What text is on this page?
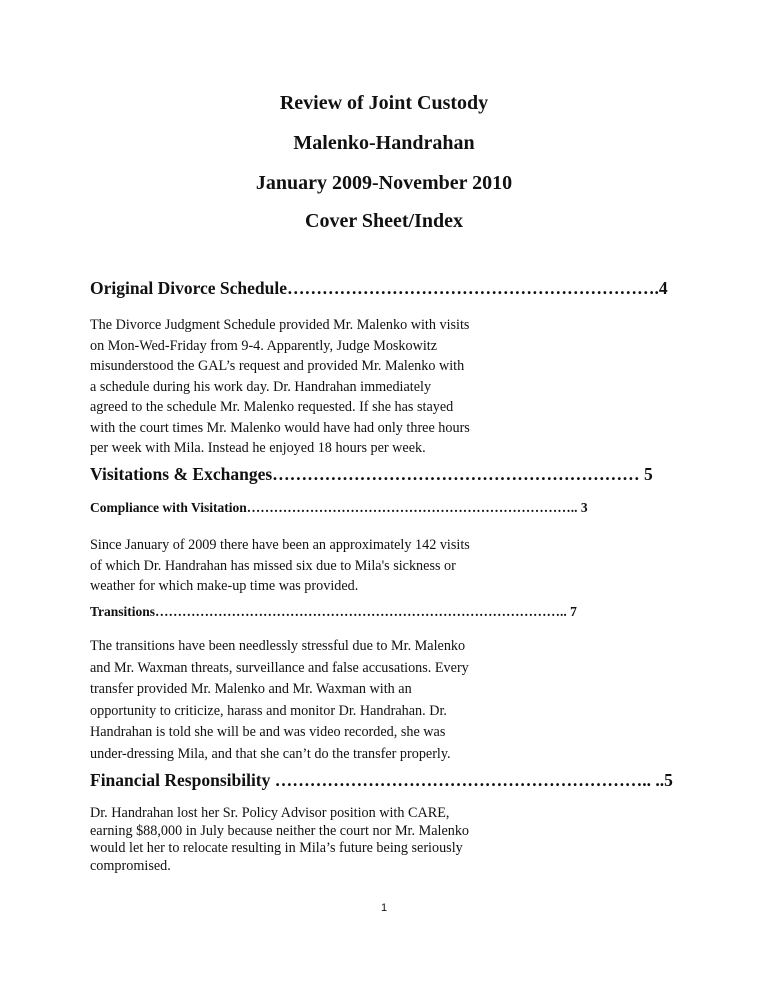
Review of Joint Custody
Malenko-Handrahan
January 2009-November 2010
Cover Sheet/Index
Original Divorce Schedule……………………………………………………….4
The Divorce Judgment Schedule provided Mr. Malenko with visits
on Mon-Wed-Friday from 9-4. Apparently, Judge Moskowitz
misunderstood the GAL’s request and provided Mr. Malenko with
a schedule during his work day. Dr. Handrahan immediately
agreed to the schedule Mr. Malenko requested. If she has stayed
with the court times Mr. Malenko would have had only three hours
per week with Mila. Instead he enjoyed 18 hours per week.
Visitations & Exchanges……………………………………………………… 5
Compliance with Visitation……………………………………………………………….. 3
Since January of 2009 there have been an approximately 142 visits
of which Dr. Handrahan has missed six due to Mila's sickness or
weather for which make-up time was provided.
Transitions……………………………………………………………………………….. 7
The transitions have been needlessly stressful due to Mr. Malenko
and Mr. Waxman threats, surveillance and false accusations. Every
transfer provided Mr. Malenko and Mr. Waxman with an
opportunity to criticize, harass and monitor Dr. Handrahan. Dr.
Handrahan is told she will be and was video recorded, she was
under-dressing Mila, and that she can’t do the transfer properly.
Financial Responsibility ……………………………………………………….. ..5
Dr. Handrahan lost her Sr. Policy Advisor position with CARE,
earning $88,000 in July because neither the court nor Mr. Malenko
would let her to relocate resulting in Mila’s future being seriously
compromised.
1
